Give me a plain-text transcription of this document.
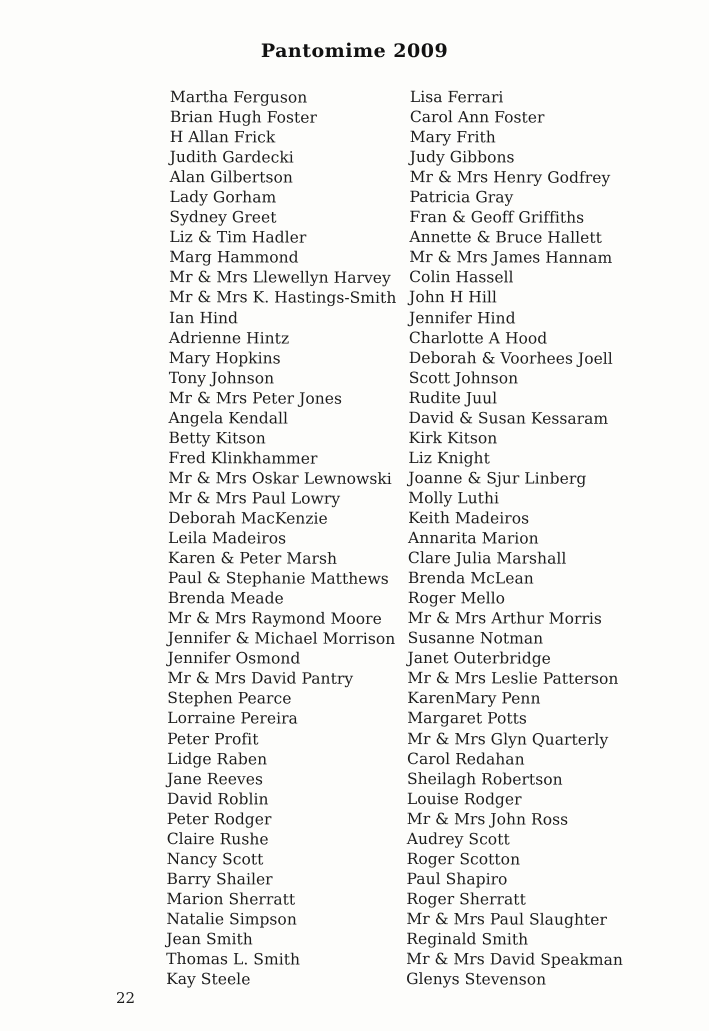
Pantomime 2009
Martha Ferguson
Brian Hugh Foster
H Allan Frick
Judith Gardecki
Alan Gilbertson
Lady Gorham
Sydney Greet
Liz & Tim Hadler
Marg Hammond
Mr & Mrs Llewellyn Harvey
Mr & Mrs K. Hastings-Smith
Ian Hind
Adrienne Hintz
Mary Hopkins
Tony Johnson
Mr & Mrs Peter Jones
Angela Kendall
Betty Kitson
Fred Klinkhammer
Mr & Mrs Oskar Lewnowski
Mr & Mrs Paul Lowry
Deborah MacKenzie
Leila Madeiros
Karen & Peter Marsh
Paul & Stephanie Matthews
Brenda Meade
Mr & Mrs Raymond Moore
Jennifer & Michael Morrison
Jennifer Osmond
Mr & Mrs David Pantry
Stephen Pearce
Lorraine Pereira
Peter Profit
Lidge Raben
Jane Reeves
David Roblin
Peter Rodger
Claire Rushe
Nancy Scott
Barry Shailer
Marion Sherratt
Natalie Simpson
Jean Smith
Thomas L. Smith
Kay Steele
Lisa Ferrari
Carol Ann Foster
Mary Frith
Judy Gibbons
Mr & Mrs Henry Godfrey
Patricia Gray
Fran & Geoff Griffiths
Annette & Bruce Hallett
Mr & Mrs James Hannam
Colin Hassell
John H Hill
Jennifer Hind
Charlotte A Hood
Deborah & Voorhees Joell
Scott Johnson
Rudite Juul
David & Susan Kessaram
Kirk Kitson
Liz Knight
Joanne & Sjur Linberg
Molly Luthi
Keith Madeiros
Annarita Marion
Clare Julia Marshall
Brenda McLean
Roger Mello
Mr & Mrs Arthur Morris
Susanne Notman
Janet Outerbridge
Mr & Mrs Leslie Patterson
KarenMary Penn
Margaret Potts
Mr & Mrs Glyn Quarterly
Carol Redahan
Sheilagh Robertson
Louise Rodger
Mr & Mrs John Ross
Audrey Scott
Roger Scotton
Paul Shapiro
Roger Sherratt
Mr & Mrs Paul Slaughter
Reginald Smith
Mr & Mrs David Speakman
Glenys Stevenson
22
